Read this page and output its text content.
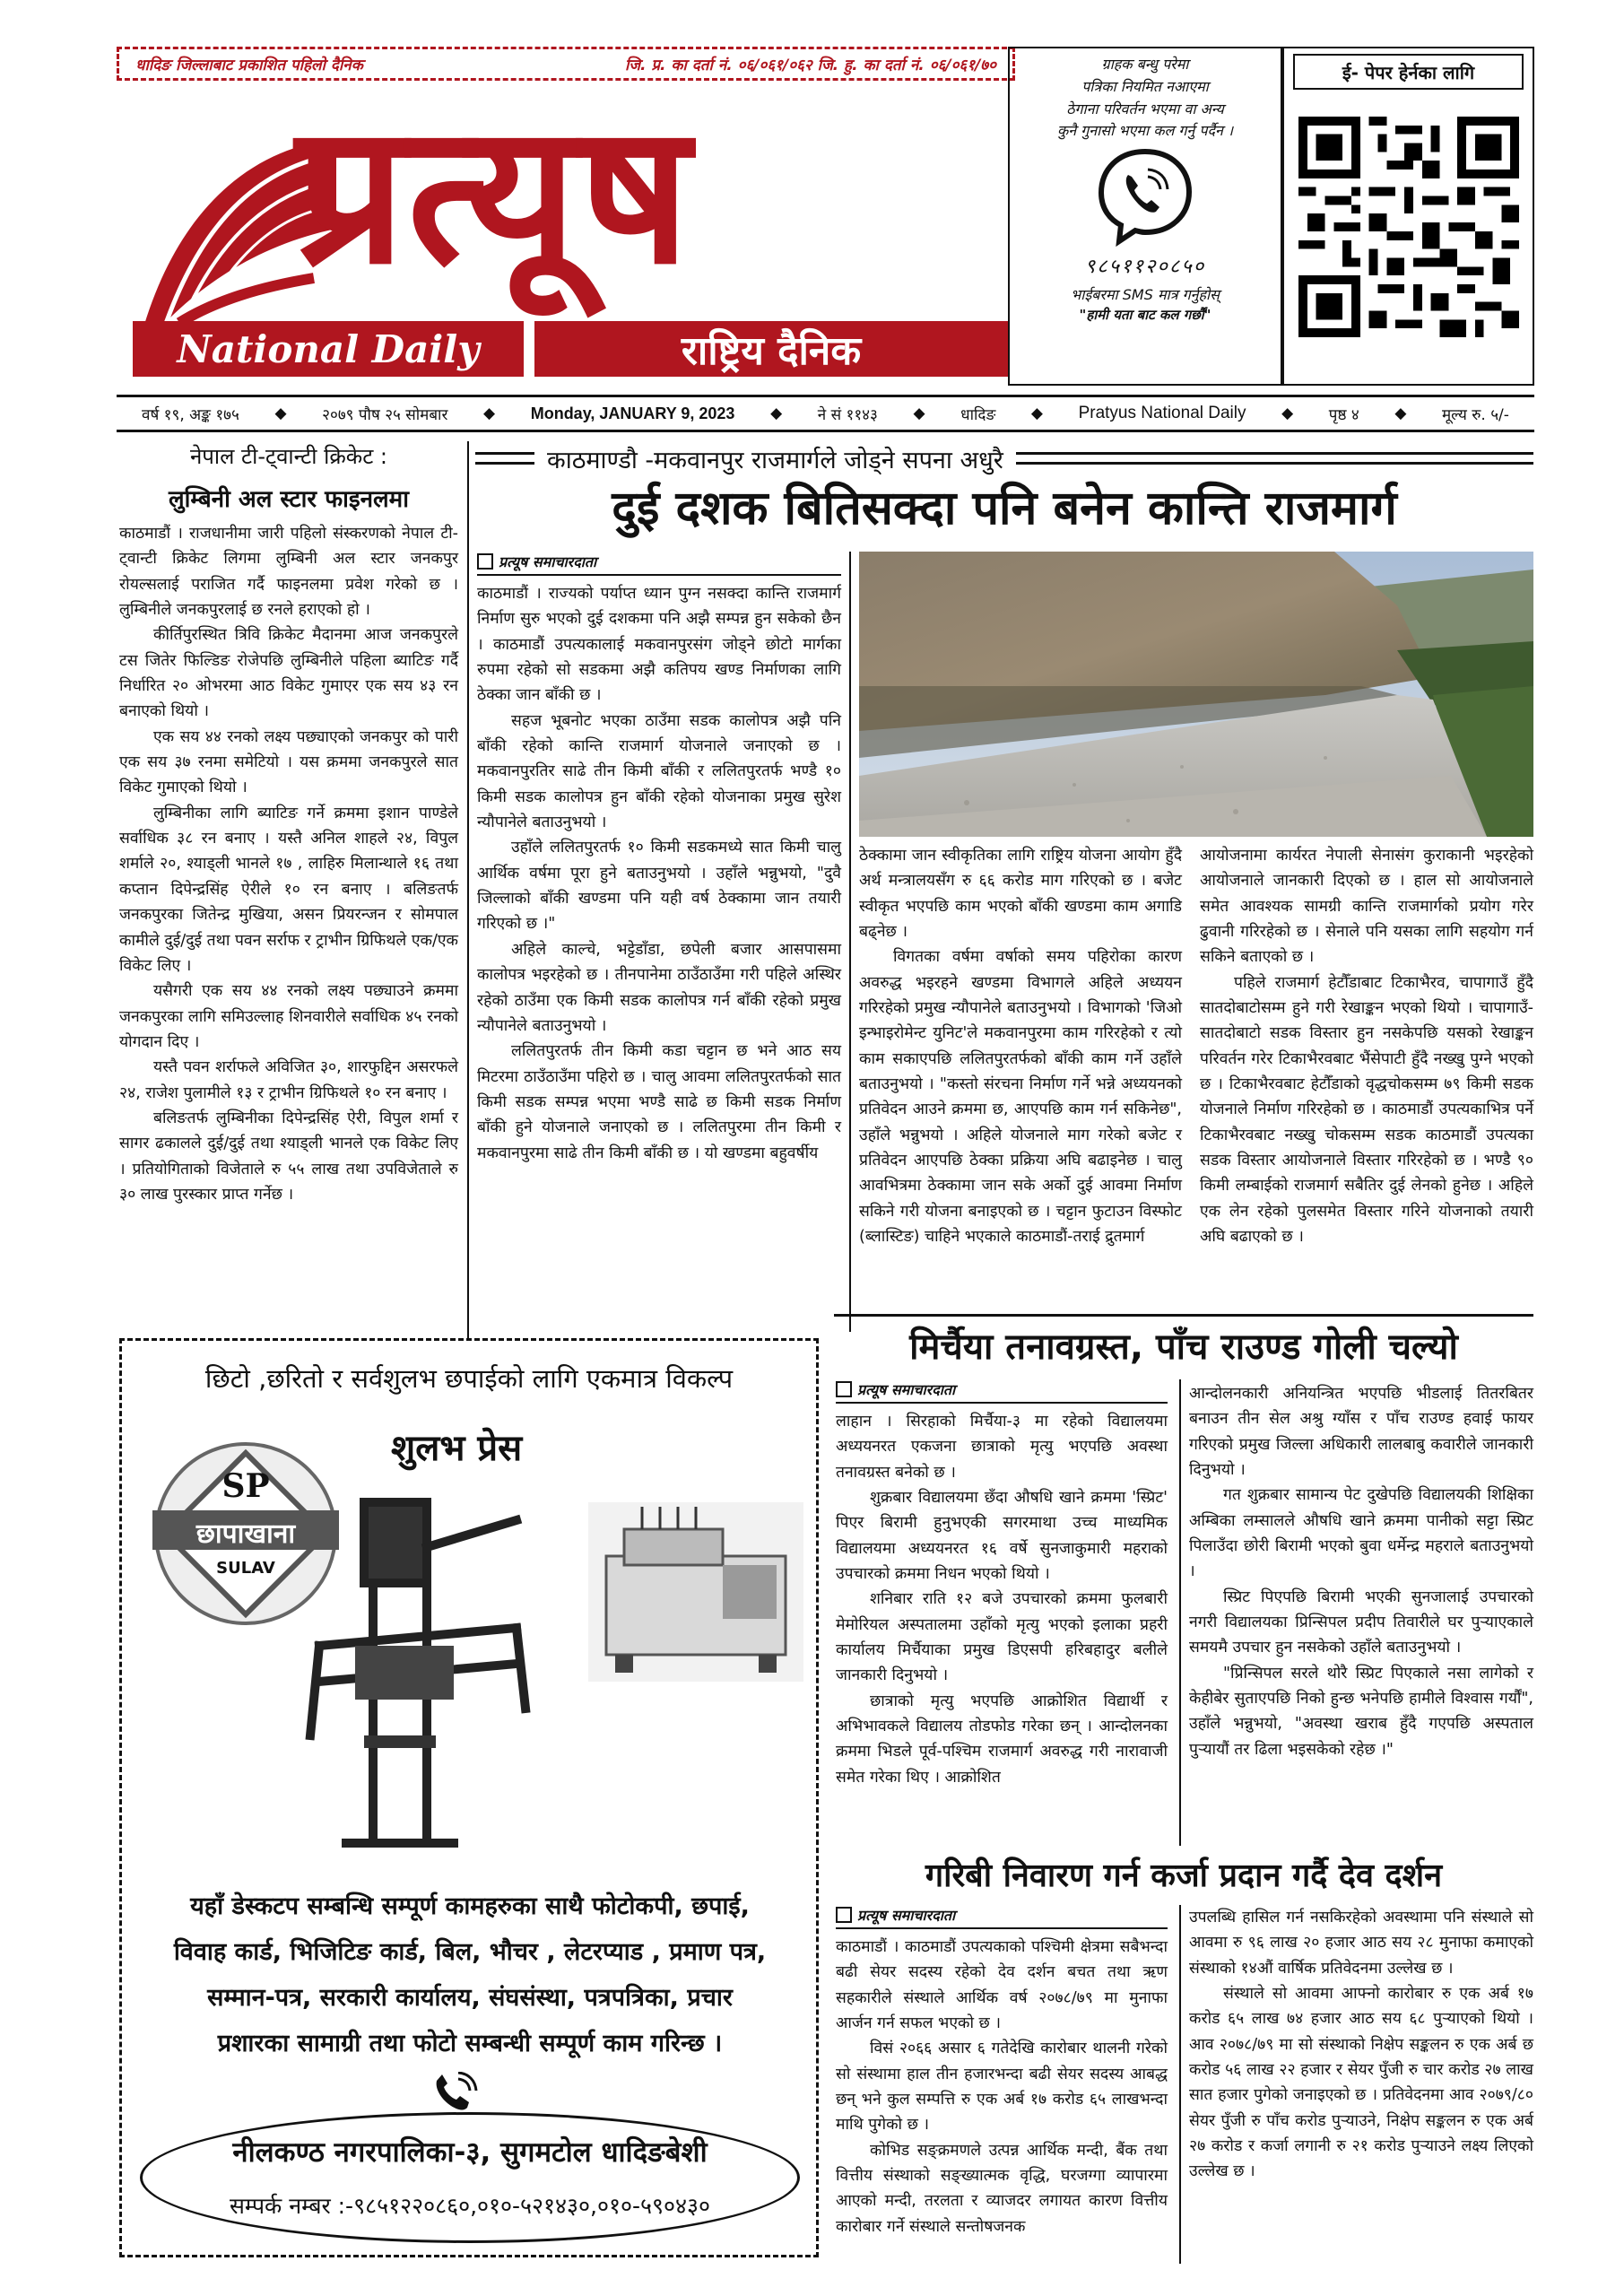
धादिङ जिल्लाबाट प्रकाशित पहिलो दैनिक	जि. प्र. का दर्ता नं. ०६/०६१/०६२ जि. हु. का दर्ता नं. ०६/०६१/७०
प्रत्यूष
National Daily	राष्ट्रिय दैनिक
ग्राहक बन्धु परेमा
पत्रिका नियमित नआएमा
ठेगाना परिवर्तन भएमा वा अन्य
कुनै गुनासो भएमा कल गर्नु पर्दैन ।
९८५११२०८५०
भाईबरमा SMS मात्र गर्नुहोस्
"हामी यता बाट कल गर्छौं"
ई- पेपर हेर्नका लागि
वर्ष १९, अङ्क १७५ ◆ २०७९ पौष २५ सोमबार ◆ Monday, JANUARY 9, 2023 ◆ ने सं ११४३ ◆ धादिङ ◆ Pratyus National Daily ◆ पृष्ठ ४ ◆ मूल्य रु. ५/-
नेपाल टी-ट्वान्टी क्रिकेट :
लुम्बिनी अल स्टार फाइनलमा

काठमाडौं । राजधानीमा जारी पहिलो संस्करणको नेपाल टी-ट्वान्टी क्रिकेट लिगमा लुम्बिनी अल स्टार जनकपुर रोयल्सलाई पराजित गर्दै फाइनलमा प्रवेश गरेको छ । लुम्बिनीले जनकपुरलाई छ रनले हराएको हो ।

कीर्तिपुरस्थित त्रिवि क्रिकेट मैदानमा आज जनकपुरले टस जितेर फिल्डिङ रोजेपछि लुम्बिनीले पहिला ब्याटिङ गर्दै निर्धारित २० ओभरमा आठ विकेट गुमाएर एक सय ४३ रन बनाएको थियो ।

एक सय ४४ रनको लक्ष्य पछ्याएको जनकपुर को पारी एक सय ३७ रनमा समेटियो । यस क्रममा जनकपुरले सात विकेट गुमाएको थियो ।

लुम्बिनीका लागि ब्याटिङ गर्ने क्रममा इशान पाण्डेले सर्वाधिक ३८ रन बनाए । यस्तै अनिल शाहले २४, विपुल शर्माले २०, श्याड्ली भानले १७ , लाहिरु मिलान्थाले १६ तथा कप्तान दिपेन्द्रसिंह ऐरीले १० रन बनाए । बलिङतर्फ जनकपुरका जितेन्द्र मुखिया, असन प्रियरन्जन र सोमपाल कामीले दुई/दुई तथा पवन सर्राफ र ट्राभीन ग्रिफिथले एक/एक विकेट लिए ।

यसैगरी एक सय ४४ रनको लक्ष्य पछ्याउने क्रममा जनकपुरका लागि समिउल्लाह शिनवारीले सर्वाधिक ४५ रनको योगदान दिए ।

यस्तै पवन शर्राफले अविजित ३०, शारफुद्दिन असरफले २४, राजेश पुलामीले १३ र ट्राभीन ग्रिफिथले १० रन बनाए ।

बलिङतर्फ लुम्बिनीका दिपेन्द्रसिंह ऐरी, विपुल शर्मा र सागर ढकालले दुई/दुई तथा श्याड्ली भानले एक विकेट लिए । प्रतियोगिताको विजेताले रु ५५ लाख तथा उपविजेताले रु ३० लाख पुरस्कार प्राप्त गर्नेछ ।

काठमाण्डौ -मकवानपुर राजमार्गले जोड्ने सपना अधुरै
दुई दशक बितिसक्दा पनि बनेन कान्ति राजमार्ग
प्रत्यूष समाचारदाता

काठमाडौं । राज्यको पर्याप्त ध्यान पुग्न नसक्दा कान्ति राजमार्ग निर्माण सुरु भएको दुई दशकमा पनि अझै सम्पन्न हुन सकेको छैन । काठमाडौं उपत्यकालाई मकवानपुरसंग जोड्ने छोटो मार्गका रुपमा रहेको सो सडकमा अझै कतिपय खण्ड निर्माणका लागि ठेक्का जान बाँकी छ ।

सहज भूबनोट भएका ठाउँमा सडक कालोपत्र अझै पनि बाँकी रहेको कान्ति राजमार्ग योजनाले जनाएको छ । मकवानपुरतिर साढे तीन किमी बाँकी र ललितपुरतर्फ भण्डै १० किमी सडक कालोपत्र हुन बाँकी रहेको योजनाका प्रमुख सुरेश न्यौपानेले बताउनुभयो ।

उहाँले ललितपुरतर्फ १० किमी सडकमध्ये सात किमी चालु आर्थिक वर्षमा पूरा हुने बताउनुभयो । उहाँले भन्नुभयो, "दुवै जिल्लाको बाँकी खण्डमा पनि यही वर्ष ठेक्कामा जान तयारी गरिएको छ ।"

अहिले काल्चे, भट्टेडाँडा, छपेली बजार आसपासमा कालोपत्र भइरहेको छ । तीनपानेमा ठाउँठाउँमा गरी पहिले अस्थिर रहेको ठाउँमा एक किमी सडक कालोपत्र गर्न बाँकी रहेको प्रमुख न्यौपानेले बताउनुभयो ।

ललितपुरतर्फ तीन किमी कडा चट्टान छ भने आठ सय मिटरमा ठाउँठाउँमा पहिरो छ । चालु आवमा ललितपुरतर्फको सात किमी सडक सम्पन्न भएमा भण्डै साढे छ किमी सडक निर्माण बाँकी हुने योजनाले जनाएको छ । ललितपुरमा तीन किमी र मकवानपुरमा साढे तीन किमी बाँकी छ । यो खण्डमा बहुवर्षीय

ठेक्कामा जान स्वीकृतिका लागि राष्ट्रिय योजना आयोग हुँदै अर्थ मन्त्रालयसँग रु ६६ करोड माग गरिएको छ । बजेट स्वीकृत भएपछि काम भएको बाँकी खण्डमा काम अगाडि बढ्नेछ ।

विगतका वर्षमा वर्षाको समय पहिरोका कारण अवरुद्ध भइरहने खण्डमा विभागले अहिले अध्ययन गरिरहेको प्रमुख न्यौपानेले बताउनुभयो । विभागको 'जिओ इन्भाइरोमेन्ट युनिट'ले मकवानपुरमा काम गरिरहेको र त्यो काम सकाएपछि ललितपुरतर्फको बाँकी काम गर्ने उहाँले बताउनुभयो । "कस्तो संरचना निर्माण गर्ने भन्ने अध्ययनको प्रतिवेदन आउने क्रममा छ, आएपछि काम गर्न सकिनेछ", उहाँले भन्नुभयो । अहिले योजनाले माग गरेको बजेट र प्रतिवेदन आएपछि ठेक्का प्रक्रिया अघि बढाइनेछ । चालु आवभित्रमा ठेक्कामा जान सके अर्को दुई आवमा निर्माण सकिने गरी योजना बनाइएको छ । चट्टान फुटाउन विस्फोट (ब्लास्टिङ) चाहिने भएकाले काठमाडौं-तराई द्रुतमार्ग

आयोजनामा कार्यरत नेपाली सेनासंग कुराकानी भइरहेको आयोजनाले जानकारी दिएको छ । हाल सो आयोजनाले समेत आवश्यक सामग्री कान्ति राजमार्गको प्रयोग गरेर ढुवानी गरिरहेको छ । सेनाले पनि यसका लागि सहयोग गर्न सकिने बताएको छ ।

पहिले राजमार्ग हेटौँडाबाट टिकाभैरव, चापागाउँ हुँदै सातदोबाटोसम्म हुने गरी रेखाङ्कन भएको थियो । चापागाउँ-सातदोबाटो सडक विस्तार हुन नसकेपछि यसको रेखाङ्कन परिवर्तन गरेर टिकाभैरवबाट भैंसेपाटी हुँदै नख्खु पुग्ने भएको छ । टिकाभैरवबाट हेटौँडाको वृद्धचोकसम्म ७९ किमी सडक योजनाले निर्माण गरिरहेको छ । काठमाडौं उपत्यकाभित्र पर्ने टिकाभैरवबाट नख्खु चोकसम्म सडक काठमाडौं उपत्यका सडक विस्तार आयोजनाले विस्तार गरिरहेको छ । भण्डै ९० किमी लम्बाईको राजमार्ग सबैतिर दुई लेनको हुनेछ । अहिले एक लेन रहेको पुलसमेत विस्तार गरिने योजनाको तयारी अघि बढाएको छ ।

छिटो ,छरितो र सर्वशुलभ छपाईको लागि एकमात्र विकल्प
शुलभ प्रेस
SP
छापाखाना
SULAV
यहाँ डेस्कटप सम्बन्धि सम्पूर्ण कामहरुका साथै फोटोकपी, छपाई,
विवाह कार्ड, भिजिटिङ कार्ड, बिल, भौचर , लेटरप्याड , प्रमाण पत्र,
सम्मान-पत्र, सरकारी कार्यालय, संघसंस्था, पत्रपत्रिका, प्रचार
प्रशारका सामाग्री तथा फोटो सम्बन्धी सम्पूर्ण काम गरिन्छ ।
नीलकण्ठ नगरपालिका-३, सुगमटोल धादिङबेशी
सम्पर्क नम्बर :-९८५१२२०८६०,०१०-५२१४३०,०१०-५९०४३०
मिर्चैया तनावग्रस्त, पाँच राउण्ड गोली चल्यो
प्रत्यूष समाचारदाता

लाहान । सिरहाको मिर्चैया-३ मा रहेको विद्यालयमा अध्ययनरत एकजना छात्राको मृत्यु भएपछि अवस्था तनावग्रस्त बनेको छ ।

शुक्रबार विद्यालयमा छँदा औषधि खाने क्रममा 'स्प्रिट' पिएर बिरामी हुनुभएकी सगरमाथा उच्च माध्यमिक विद्यालयमा अध्ययनरत १६ वर्षे सुनजाकुमारी महराको उपचारको क्रममा निधन भएको थियो ।

शनिबार राति १२ बजे उपचारको क्रममा फुलबारी मेमोरियल अस्पतालमा उहाँको मृत्यु भएको इलाका प्रहरी कार्यालय मिर्चैयाका प्रमुख डिएसपी हरिबहादुर बलीले जानकारी दिनुभयो ।

छात्राको मृत्यु भएपछि आक्रोशित विद्यार्थी र अभिभावकले विद्यालय तोडफोड गरेका छन् । आन्दोलनका क्रममा भिडले पूर्व-पश्चिम राजमार्ग अवरुद्ध गरी नारावाजी समेत गरेका थिए । आक्रोशित

आन्दोलनकारी अनियन्त्रित भएपछि भीडलाई तितरबितर बनाउन तीन सेल अश्रु ग्याँस र पाँच राउण्ड हवाई फायर गरिएको प्रमुख जिल्ला अधिकारी लालबाबु कवारीले जानकारी दिनुभयो ।

गत शुक्रबार सामान्य पेट दुखेपछि विद्यालयकी शिक्षिका अम्बिका लम्सालले औषधि खाने क्रममा पानीको सट्टा स्प्रिट पिलाउँदा छोरी बिरामी भएको बुवा धर्मेन्द्र महराले बताउनुभयो ।

स्प्रिट पिएपछि बिरामी भएकी सुनजालाई उपचारको नगरी विद्यालयका प्रिन्सिपल प्रदीप तिवारीले घर पुऱ्याएकाले समयमै उपचार हुन नसकेको उहाँले बताउनुभयो ।

"प्रिन्सिपल सरले थोरै स्प्रिट पिएकाले नसा लागेको र केहीबेर सुताएपछि निको हुन्छ भनेपछि हामीले विश्वास गर्यौं", उहाँले भन्नुभयो, "अवस्था खराब हुँदै गएपछि अस्पताल पुऱ्यायौं तर ढिला भइसकेको रहेछ ।"

गरिबी निवारण गर्न कर्जा प्रदान गर्दै देव दर्शन
प्रत्यूष समाचारदाता

काठमाडौं । काठमाडौं उपत्यकाको पश्चिमी क्षेत्रमा सबैभन्दा बढी सेयर सदस्य रहेको देव दर्शन बचत तथा ऋण सहकारीले संस्थाले आर्थिक वर्ष २०७८/७९ मा मुनाफा आर्जन गर्न सफल भएको छ ।

विसं २०६६ असार ६ गतेदेखि कारोबार थालनी गरेको सो संस्थामा हाल तीन हजारभन्दा बढी सेयर सदस्य आबद्ध छन् भने कुल सम्पत्ति रु एक अर्ब १७ करोड ६५ लाखभन्दा माथि पुगेको छ ।

कोभिड सङ्क्रमणले उत्पन्न आर्थिक मन्दी, बैंक तथा वित्तीय संस्थाको सङ्ख्यात्मक वृद्धि, घरजग्गा व्यापारमा आएको मन्दी, तरलता र व्याजदर लगायत कारण वित्तीय कारोबार गर्ने संस्थाले सन्तोषजनक

उपलब्धि हासिल गर्न नसकिरहेको अवस्थामा पनि संस्थाले सो आवमा रु ९६ लाख २० हजार आठ सय २८ मुनाफा कमाएको संस्थाको १४औं वार्षिक प्रतिवेदनमा उल्लेख छ ।

संस्थाले सो आवमा आफ्नो कारोबार रु एक अर्ब १७ करोड ६५ लाख ७४ हजार आठ सय ६८ पुऱ्याएको थियो । आव २०७८/७९ मा सो संस्थाको निक्षेप सङ्कलन रु एक अर्ब छ करोड ५६ लाख २२ हजार र सेयर पुँजी रु चार करोड २७ लाख सात हजार पुगेको जनाइएको छ । प्रतिवेदनमा आव २०७९/८० सेयर पुँजी रु पाँच करोड पुऱ्याउने, निक्षेप सङ्कलन रु एक अर्ब २७ करोड र कर्जा लगानी रु २१ करोड पुऱ्याउने लक्ष्य लिएको उल्लेख छ ।
